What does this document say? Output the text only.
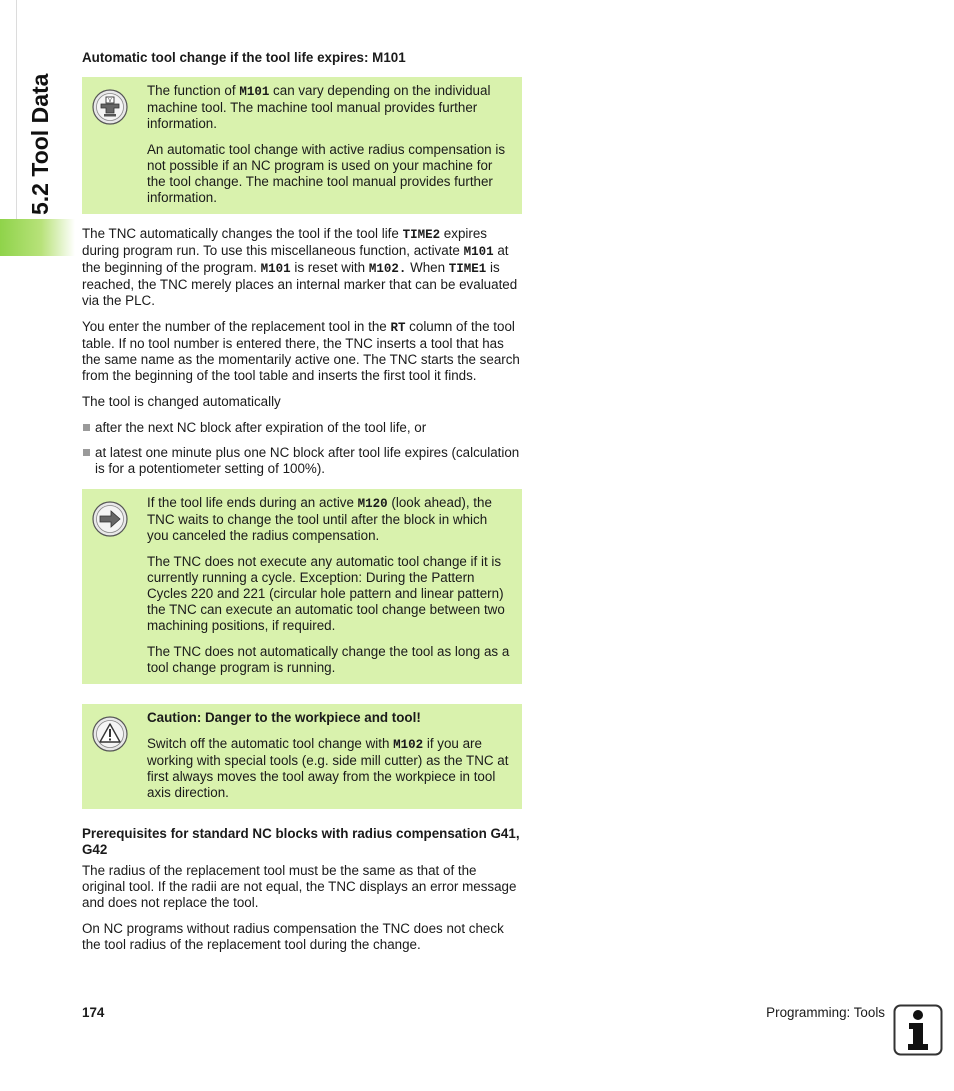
5.2 Tool Data
Automatic tool change if the tool life expires: M101
V

The function of M101 can vary depending on the individual machine tool. The machine tool manual provides further information.

An automatic tool change with active radius compensation is not possible if an NC program is used on your machine for the tool change. The machine tool manual provides further information.

The TNC automatically changes the tool if the tool life TIME2 expires during program run. To use this miscellaneous function, activate M101 at the beginning of the program. M101 is reset with M102. When TIME1 is reached, the TNC merely places an internal marker that can be evaluated via the PLC.

You enter the number of the replacement tool in the RT column of the tool table. If no tool number is entered there, the TNC inserts a tool that has the same name as the momentarily active one. The TNC starts the search from the beginning of the tool table and inserts the first tool it finds.

The tool is changed automatically

after the next NC block after expiration of the tool life, or

at latest one minute plus one NC block after tool life expires (calculation is for a potentiometer setting of 100%).

If the tool life ends during an active M120 (look ahead), the TNC waits to change the tool until after the block in which you canceled the radius compensation.

The TNC does not execute any automatic tool change if it is currently running a cycle. Exception: During the Pattern Cycles 220 and 221 (circular hole pattern and linear pattern) the TNC can execute an automatic tool change between two machining positions, if required.

The TNC does not automatically change the tool as long as a tool change program is running.

Caution: Danger to the workpiece and tool!

Switch off the automatic tool change with M102 if you are working with special tools (e.g. side mill cutter) as the TNC at first always moves the tool away from the workpiece in tool axis direction.

Prerequisites for standard NC blocks with radius compensation G41, G42

The radius of the replacement tool must be the same as that of the original tool. If the radii are not equal, the TNC displays an error message and does not replace the tool.

On NC programs without radius compensation the TNC does not check the tool radius of the replacement tool during the change.

174	Programming: Tools
